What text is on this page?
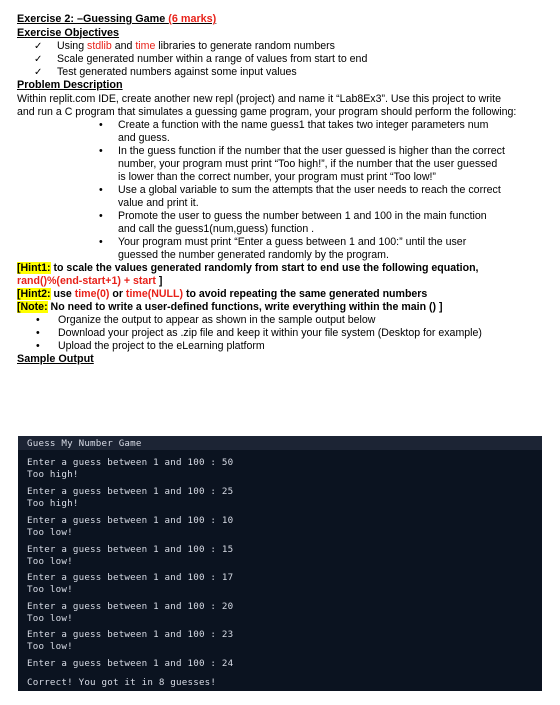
Exercise 2: –Guessing Game (6 marks)
Exercise Objectives
✓ Using stdlib and time libraries to generate random numbers
✓ Scale generated number within a range of values from start to end
✓ Test generated numbers against some input values
Problem Description

Within replit.com IDE, create another new repl (project) and name it “Lab8Ex3”. Use this project to write
and run a C program that simulates a guessing game program, your program should perform the following:

• Create a function with the name guess1 that takes two integer parameters num
and guess.
• In the guess function if the number that the user guessed is higher than the correct
number, your program must print “Too high!”, if the number that the user guessed
is lower than the correct number, your program must print “Too low!”
• Use a global variable to sum the attempts that the user needs to reach the correct
value and print it.
• Promote the user to guess the number between 1 and 100 in the main function
and call the guess1(num,guess) function .
• Your program must print “Enter a guess between 1 and 100:” until the user
guessed the number generated randomly by the program.
[Hint1: to scale the values generated randomly from start to end use the following equation,
rand()%(end-start+1) + start ]
[Hint2: use time(0) or time(NULL) to avoid repeating the same generated numbers
[Note: No need to write a user-defined functions, write everything within the main () ]
• Organize the output to appear as shown in the sample output below
• Download your project as .zip file and keep it within your file system (Desktop for example)
• Upload the project to the eLearning platform
Sample Output
Guess My Number Game
Enter a guess between 1 and 100 : 50
Too high!
Enter a guess between 1 and 100 : 25
Too high!
Enter a guess between 1 and 100 : 10
Too low!
Enter a guess between 1 and 100 : 15
Too low!
Enter a guess between 1 and 100 : 17
Too low!
Enter a guess between 1 and 100 : 20
Too low!
Enter a guess between 1 and 100 : 23
Too low!
Enter a guess between 1 and 100 : 24
Correct! You got it in 8 guesses!
